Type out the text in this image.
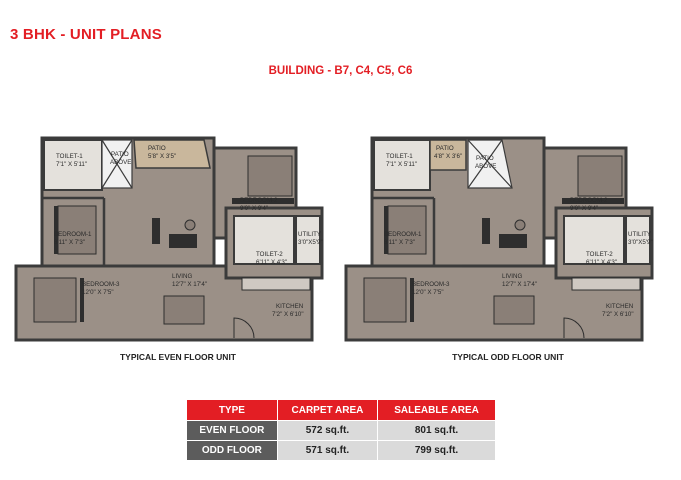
3 BHK - UNIT PLANS
BUILDING - B7, C4, C5, C6
TOILET-1
7'1" X 5'11"
PATIO
ABOVE
PATIO
5'8" X 3'5"
BEDROOM-2
9'0" X 9'4"
BEDROOM-1
8'11" X 7'3"
UTILITY
3'0"X5'9"
TOILET-2
6'11" X 4'3"
LIVING
12'7" X 17'4"
BEDROOM-3
12'0" X 7'5"
KITCHEN
7'2" X 6'10"
TYPICAL EVEN FLOOR UNIT
TOILET-1
7'1" X 5'11"
PATIO
4'8" X 3'6" PATIO
ABOVE
BEDROOM-2
9'0" X 9'4"
BEDROOM-1
8'11" X 7'3"
UTILITY
3'0"X5'9"
TOILET-2
6'11" X 4'3"
LIVING
12'7" X 17'4"
BEDROOM-3
12'0" X 7'5"
KITCHEN
7'2" X 6'10"
TYPICAL ODD FLOOR UNIT
TYPE	CARPET AREA	SALEABLE AREA
EVEN FLOOR	572 sq.ft.	801 sq.ft.
ODD FLOOR	571 sq.ft.	799 sq.ft.
